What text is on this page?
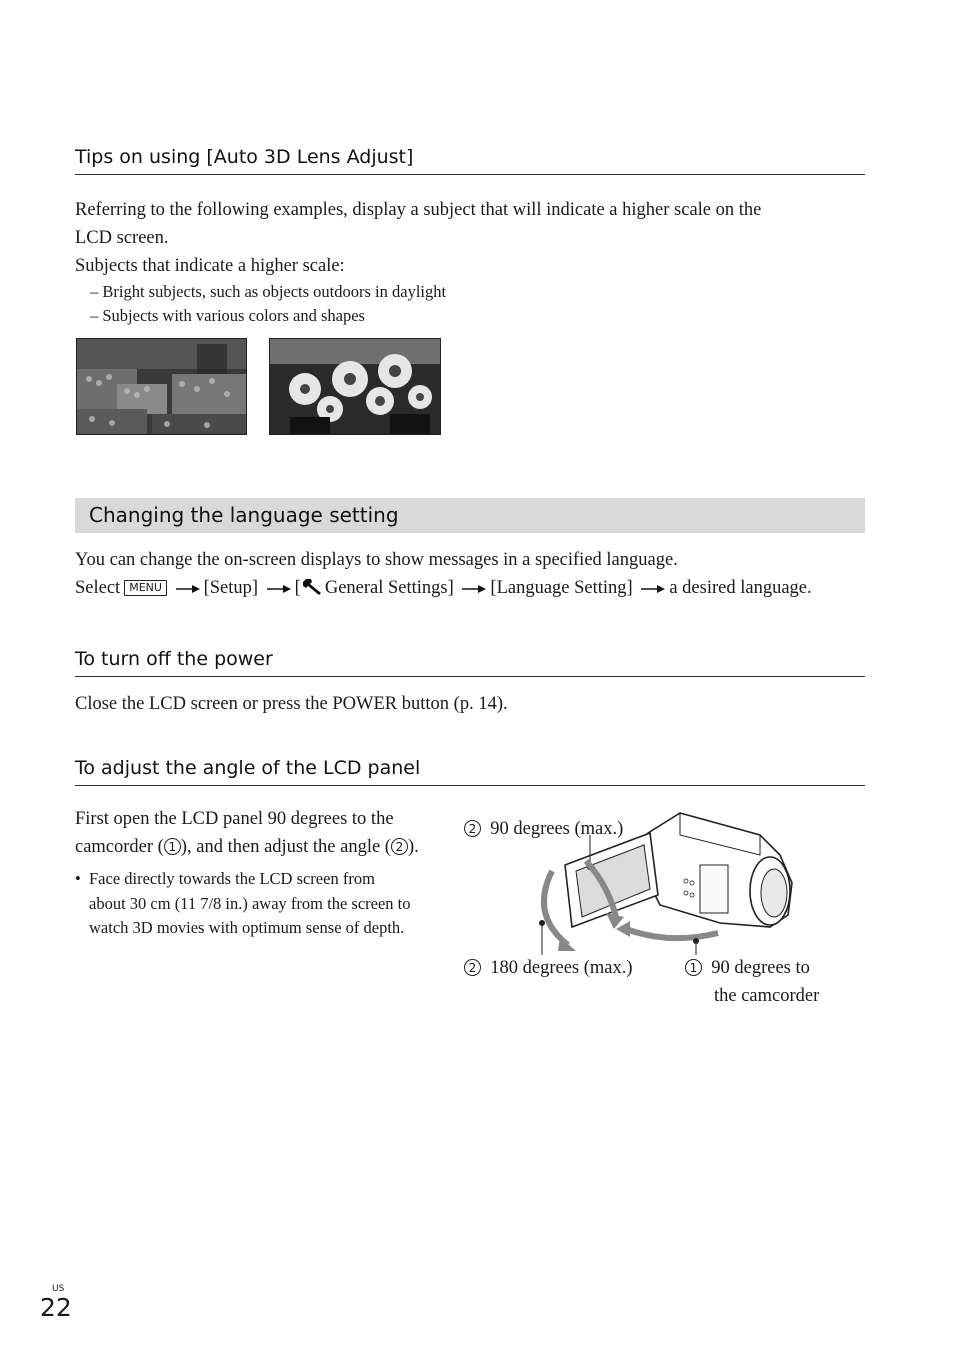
Tips on using [Auto 3D Lens Adjust]
Referring to the following examples, display a subject that will indicate a higher scale on the
LCD screen.
Subjects that indicate a higher scale:
– Bright subjects, such as objects outdoors in daylight
– Subjects with various colors and shapes
Changing the language setting
You can change the on-screen displays to show messages in a specified language.
Select MENU [Setup] [ General Settings] [Language Setting] a desired language.
To turn off the power
Close the LCD screen or press the POWER button (p. 14).
To adjust the angle of the LCD panel
First open the LCD panel 90 degrees to the
camcorder ( 1 ), and then adjust the angle ( 2 ).
• Face directly towards the LCD screen from
about 30 cm (11 7/8 in.) away from the screen to
watch 3D movies with optimum sense of depth.
2 90 degrees (max.)
2 180 degrees (max.)	1 90 degrees to
the camcorder
US
22
